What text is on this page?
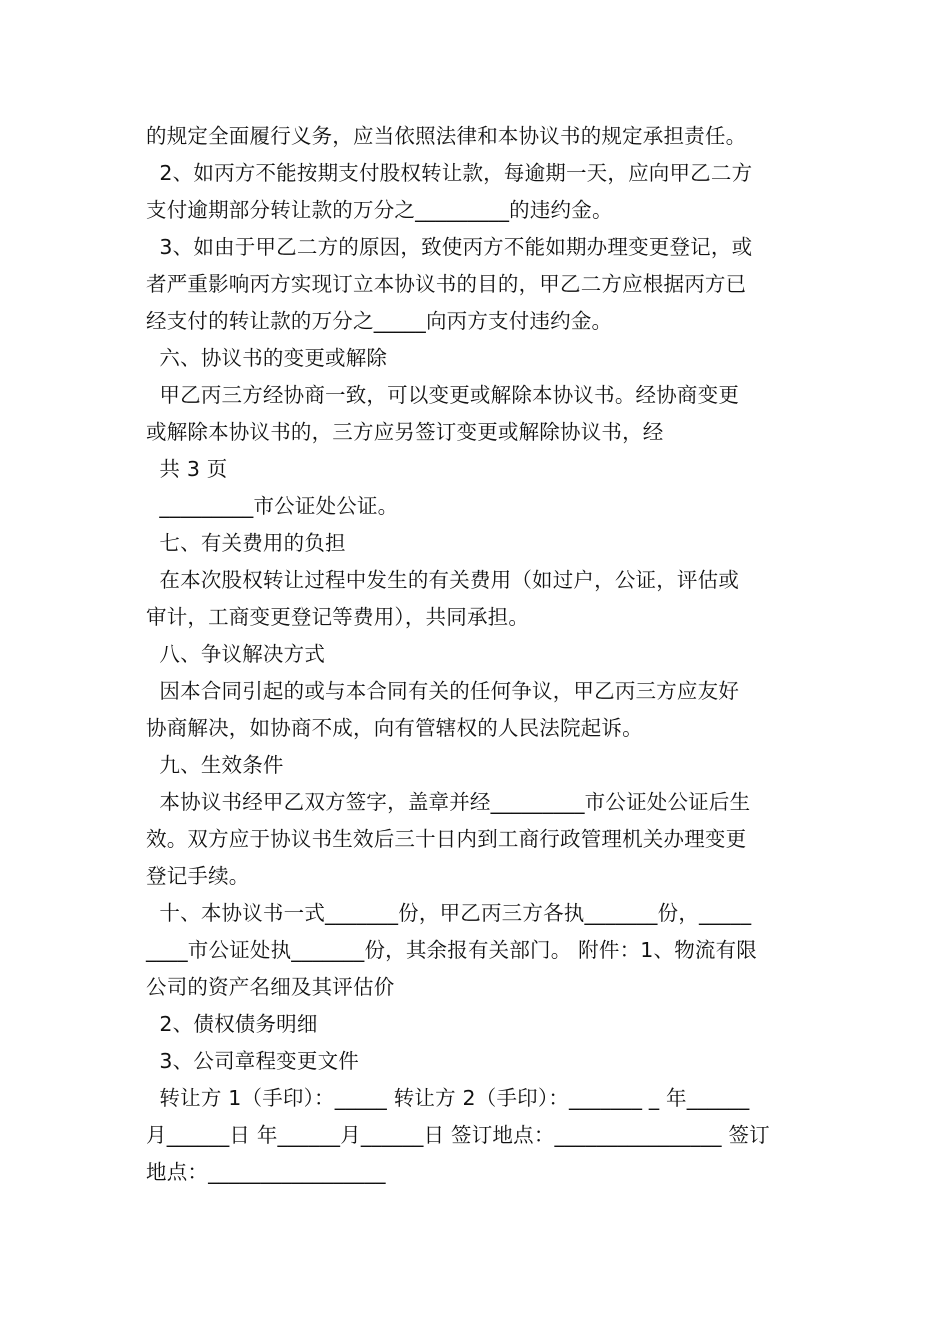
的规定全面履行义务，应当依照法律和本协议书的规定承担责任。
2、如丙方不能按期支付股权转让款，每逾期一天，应向甲乙二方
支付逾期部分转让款的万分之_________的违约金。
3、如由于甲乙二方的原因，致使丙方不能如期办理变更登记，或
者严重影响丙方实现订立本协议书的目的，甲乙二方应根据丙方已
经支付的转让款的万分之_____向丙方支付违约金。
六、协议书的变更或解除
甲乙丙三方经协商一致，可以变更或解除本协议书。经协商变更
或解除本协议书的，三方应另签订变更或解除协议书，经
共 3 页
_________市公证处公证。
七、有关费用的负担
在本次股权转让过程中发生的有关费用（如过户，公证，评估或
审计，工商变更登记等费用），共同承担。
八、争议解决方式
因本合同引起的或与本合同有关的任何争议，甲乙丙三方应友好
协商解决，如协商不成，向有管辖权的人民法院起诉。
九、生效条件
本协议书经甲乙双方签字，盖章并经_________市公证处公证后生
效。双方应于协议书生效后三十日内到工商行政管理机关办理变更
登记手续。
十、本协议书一式_______份，甲乙丙三方各执_______份，_____
____市公证处执_______份，其余报有关部门。 附件：1、物流有限
公司的资产名细及其评估价
2、债权债务明细
3、公司章程变更文件
转让方 1（手印）：_____ 转让方 2（手印）：_______ _ 年______
月______日 年______月______日 签订地点：________________ 签订
地点：_________________
